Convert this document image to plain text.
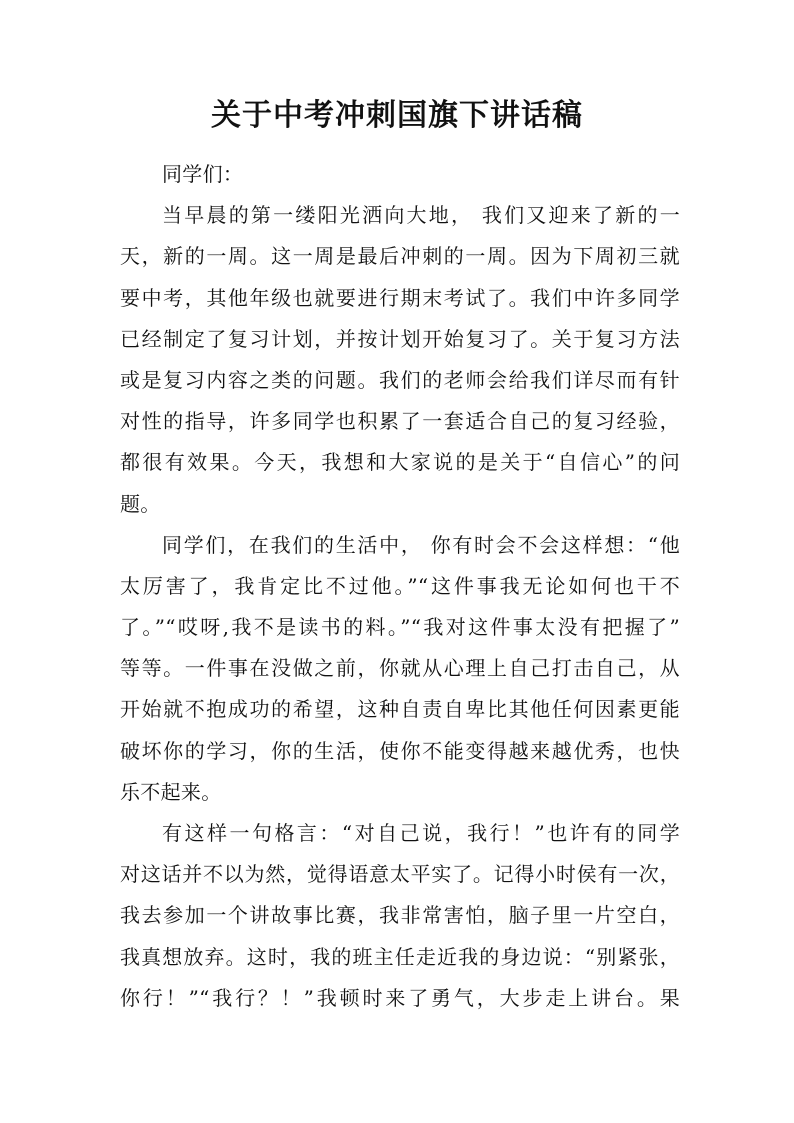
关于中考冲刺国旗下讲话稿
同学们：
当早晨的第一缕阳光洒向大地， 我们又迎来了新的一
天，新的一周。这一周是最后冲刺的一周。因为下周初三就
要中考，其他年级也就要进行期末考试了。我们中许多同学
已经制定了复习计划，并按计划开始复习了。关于复习方法
或是复习内容之类的问题。我们的老师会给我们详尽而有针
对性的指导，许多同学也积累了一套适合自己的复习经验，
都很有效果。今天，我想和大家说的是关于“自信心”的问
题。
同学们，在我们的生活中， 你有时会不会这样想：“他
太厉害了，我肯定比不过他。”“这件事我无论如何也干不
了。”“哎呀,我不是读书的料。”“我对这件事太没有把握了”
等等。一件事在没做之前，你就从心理上自己打击自己，从
开始就不抱成功的希望，这种自责自卑比其他任何因素更能
破坏你的学习，你的生活，使你不能变得越来越优秀，也快
乐不起来。
有这样一句格言：“对自己说，我行！”也许有的同学
对这话并不以为然，觉得语意太平实了。记得小时侯有一次，
我去参加一个讲故事比赛，我非常害怕，脑子里一片空白，
我真想放弃。这时，我的班主任走近我的身边说：“别紧张，
你行！”“我行？！”我顿时来了勇气，大步走上讲台。果
